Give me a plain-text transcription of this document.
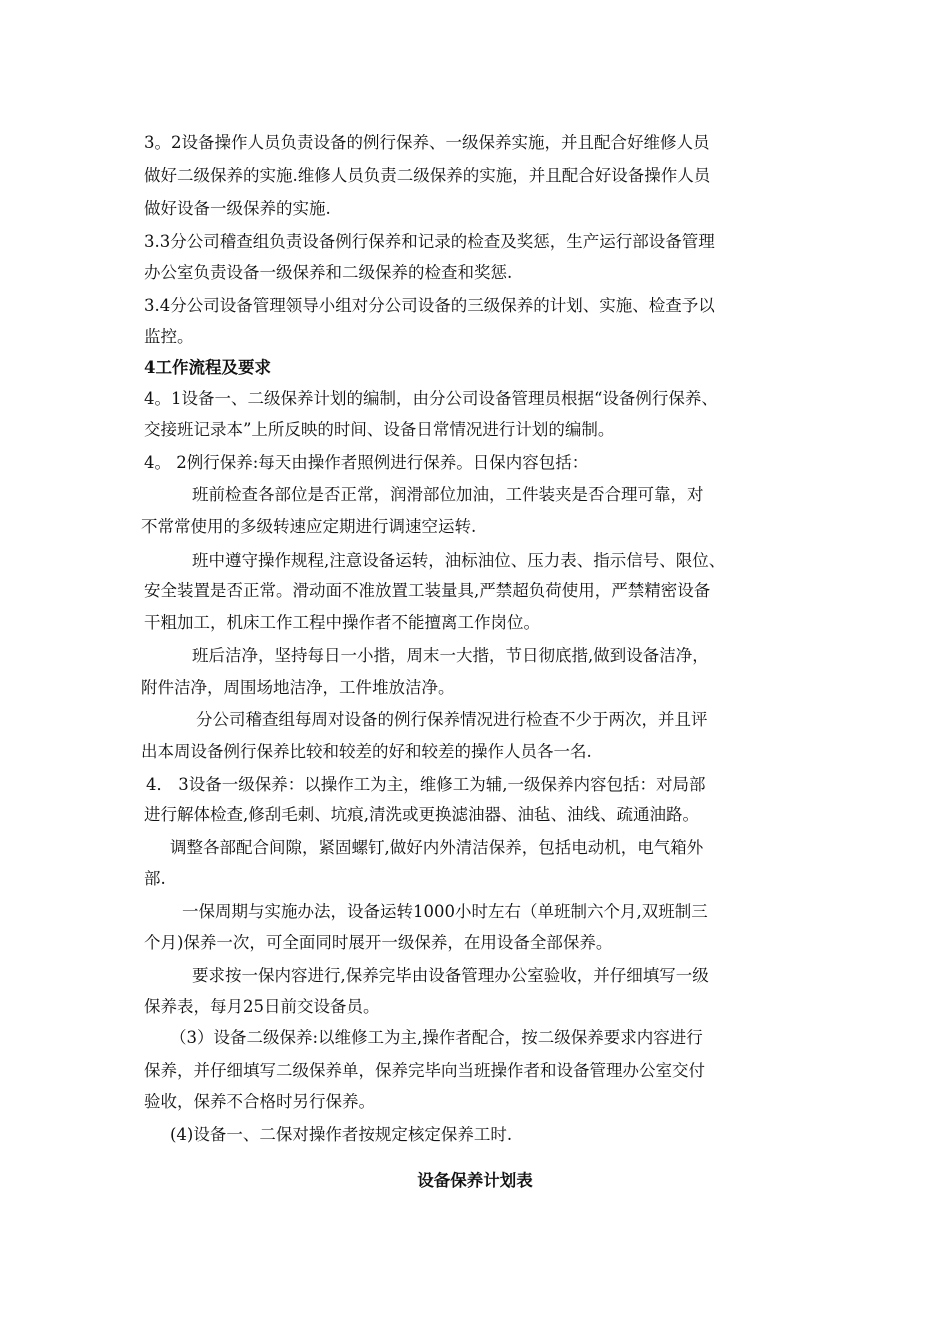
3。2设备操作人员负责设备的例行保养、一级保养实施，并且配合好维修人员
做好二级保养的实施.维修人员负责二级保养的实施，并且配合好设备操作人员
做好设备一级保养的实施.
3.3分公司稽查组负责设备例行保养和记录的检查及奖惩，生产运行部设备管理
办公室负责设备一级保养和二级保养的检查和奖惩.
3.4分公司设备管理领导小组对分公司设备的三级保养的计划、实施、检查予以
监控。
4工作流程及要求
4。1设备一、二级保养计划的编制，由分公司设备管理员根据“设备例行保养、
交接班记录本”上所反映的时间、设备日常情况进行计划的编制。
4。 2例行保养:每天由操作者照例进行保养。日保内容包括：
班前检查各部位是否正常，润滑部位加油，工件装夹是否合理可靠，对
不常常使用的多级转速应定期进行调速空运转.
班中遵守操作规程,注意设备运转，油标油位、压力表、指示信号、限位、
安全装置是否正常。滑动面不准放置工装量具,严禁超负荷使用，严禁精密设备
干粗加工，机床工作工程中操作者不能擅离工作岗位。
班后洁净，坚持每日一小揩，周末一大揩，节日彻底揩,做到设备洁净，
附件洁净，周围场地洁净，工件堆放洁净。
分公司稽查组每周对设备的例行保养情况进行检查不少于两次，并且评
出本周设备例行保养比较和较差的好和较差的操作人员各一名.
4． 3设备一级保养：以操作工为主，维修工为辅,一级保养内容包括：对局部
进行解体检查,修刮毛刺、坑痕,清洗或更换滤油器、油毡、油线、疏通油路。
调整各部配合间隙，紧固螺钉,做好内外清洁保养，包括电动机，电气箱外
部.
一保周期与实施办法，设备运转1000小时左右（单班制六个月,双班制三
个月)保养一次，可全面同时展开一级保养，在用设备全部保养。
要求按一保内容进行,保养完毕由设备管理办公室验收，并仔细填写一级
保养表，每月25日前交设备员。
（3）设备二级保养:以维修工为主,操作者配合，按二级保养要求内容进行
保养，并仔细填写二级保养单，保养完毕向当班操作者和设备管理办公室交付
验收，保养不合格时另行保养。
(4)设备一、二保对操作者按规定核定保养工时.
设备保养计划表
